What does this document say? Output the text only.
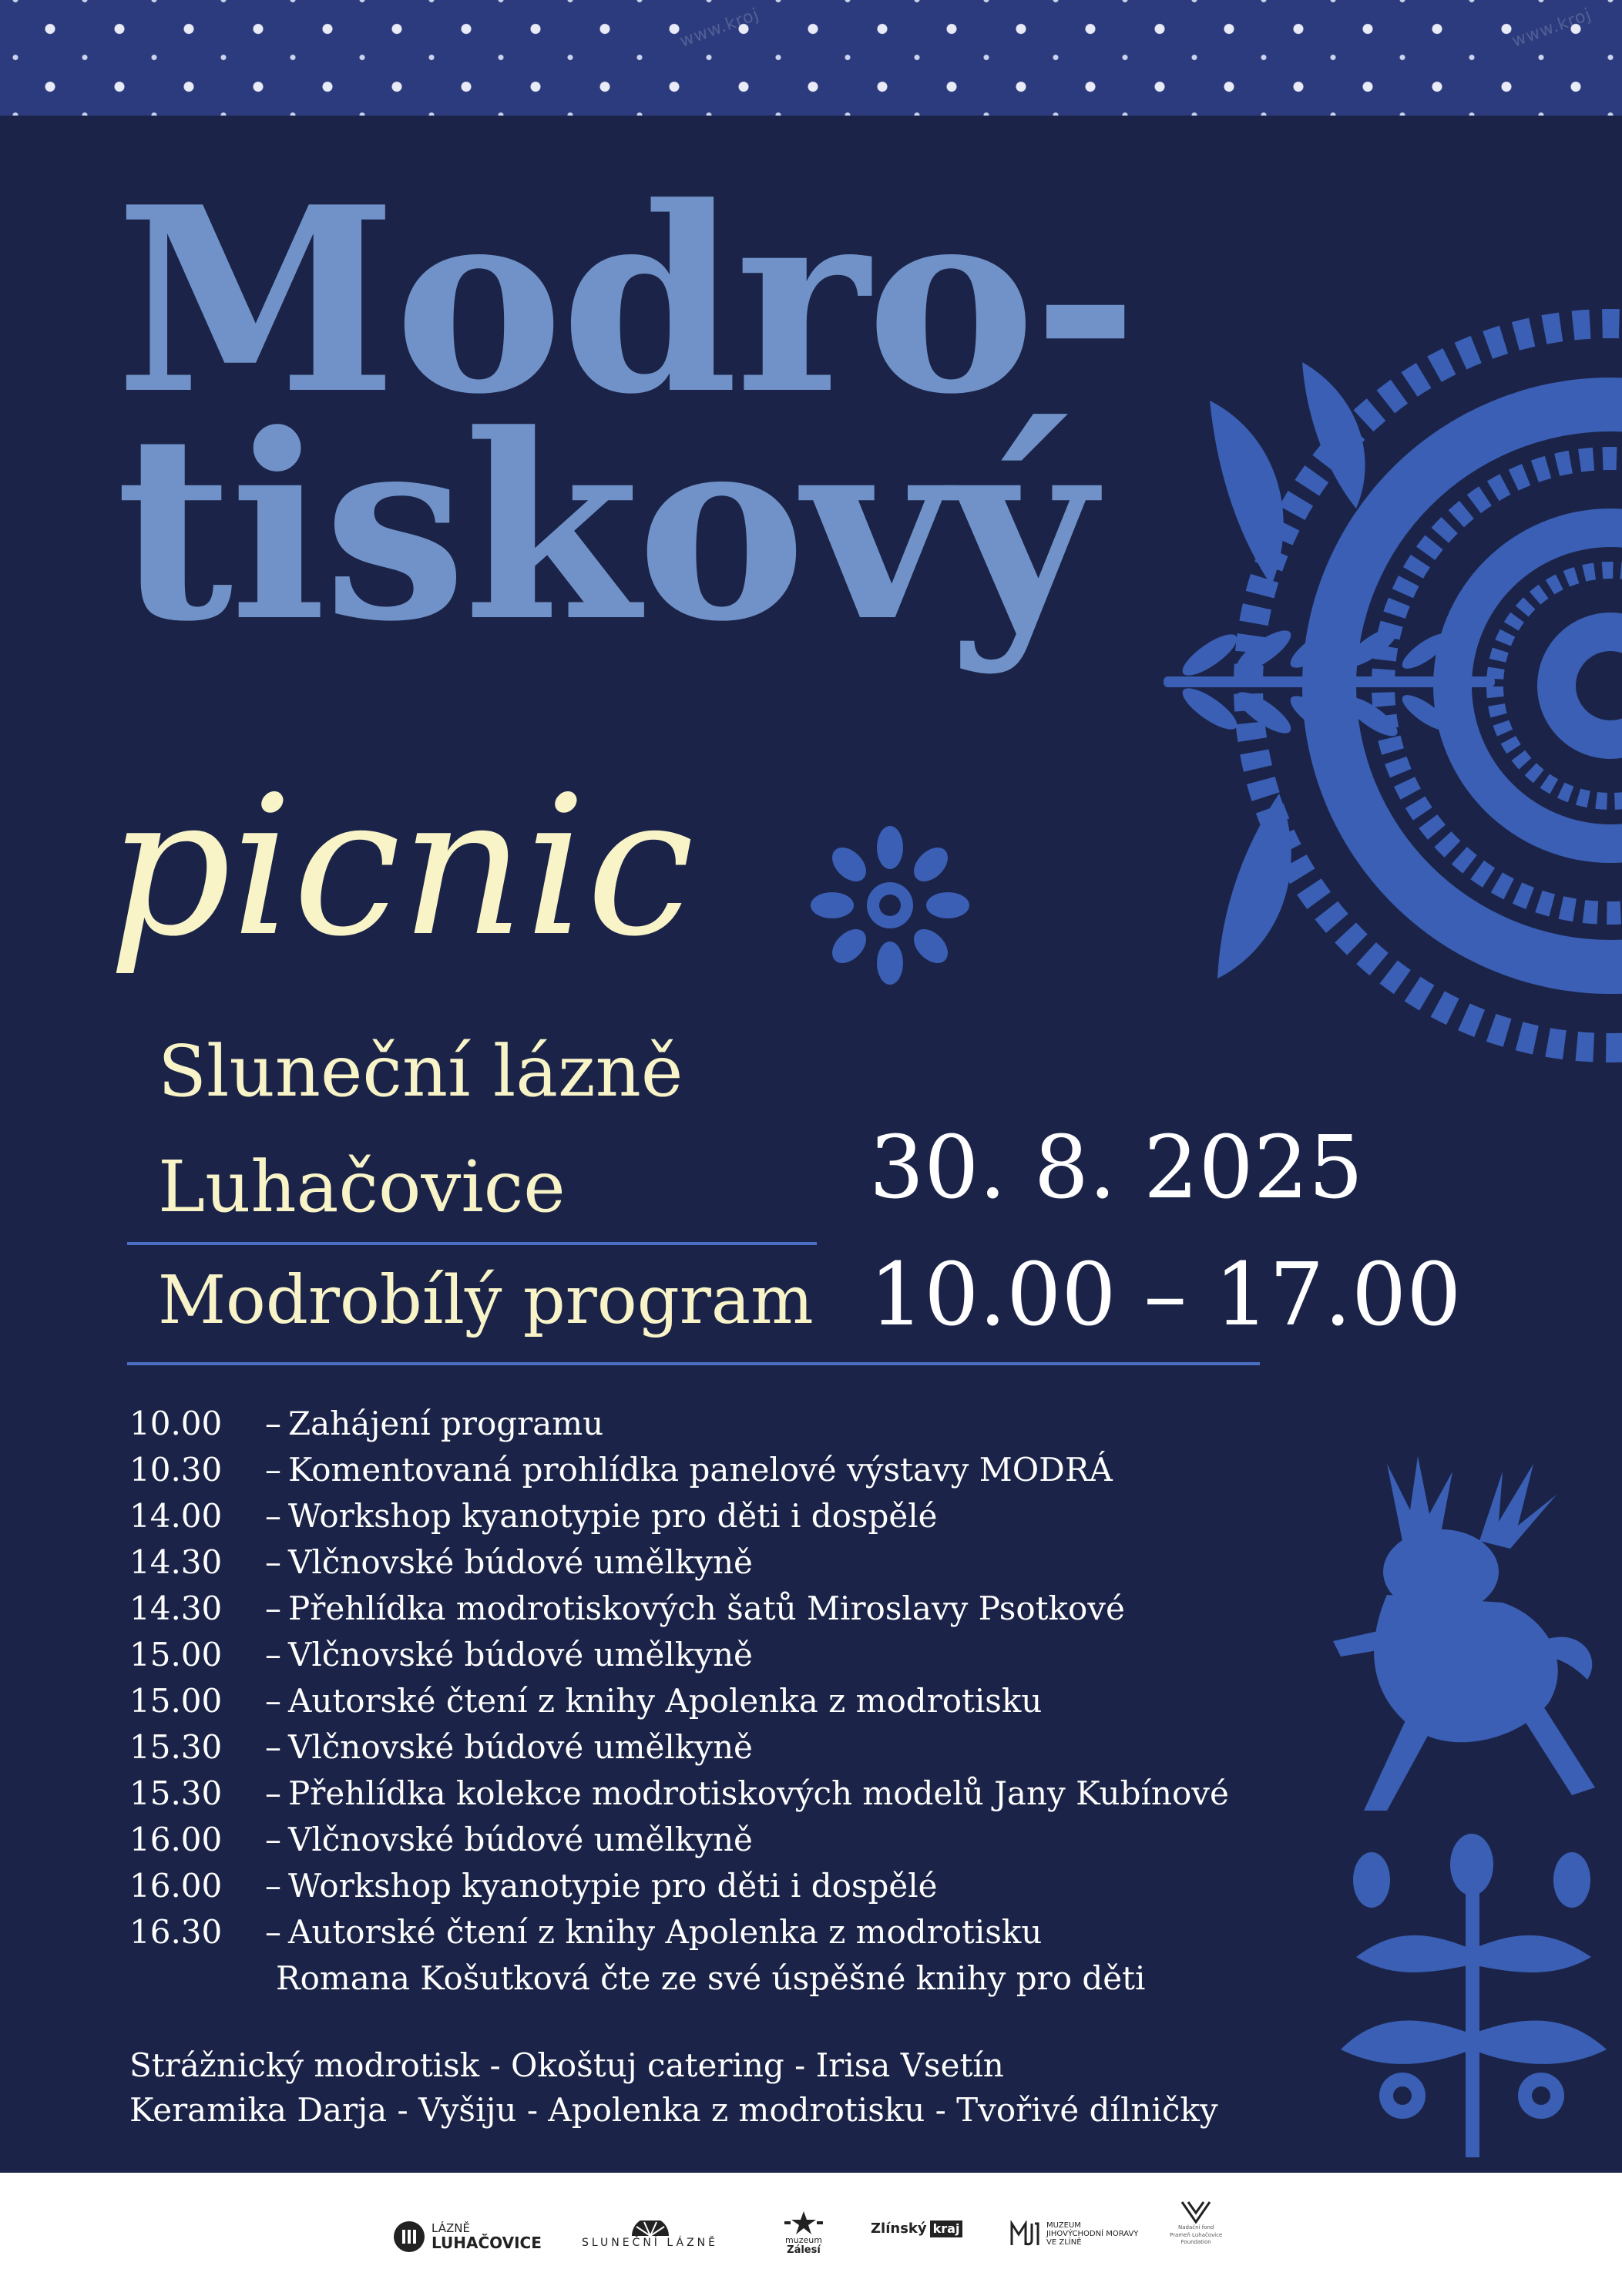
www.kroj	www.kroj
Modro-
tiskový
picnic
Sluneční lázně
Luhačovice
Modrobílý program
30. 8. 2025
10.00 – 17.00
10.00 – Zahájení programu
10.30 – Komentovaná prohlídka panelové výstavy MODRÁ
14.00 – Workshop kyanotypie pro děti i dospělé
14.30 – Vlčnovské búdové umělkyně
14.30 – Přehlídka modrotiskových šatů Miroslavy Psotkové
15.00 – Vlčnovské búdové umělkyně
15.00 – Autorské čtení z knihy Apolenka z modrotisku
15.30 – Vlčnovské búdové umělkyně
15.30 – Přehlídka kolekce modrotiskových modelů Jany Kubínové
16.00 – Vlčnovské búdové umělkyně
16.00 – Workshop kyanotypie pro děti i dospělé
16.30 – Autorské čtení z knihy Apolenka z modrotisku
Romana Košutková čte ze své úspěšné knihy pro děti
Strážnický modrotisk - Okoštuj catering - Irisa Vsetín
Keramika Darja - Vyšiju - Apolenka z modrotisku - Tvořivé dílničky
LÁZNĚ
LUHAČOVICE	SLUNEČNÍ LÁZNĚ	muzeum
Zálesí
Zlínský kraj	MUZEUM
JIHOVÝCHODNÍ MORAVY
VE ZLÍNĚ
Nadační fond
Prameň Luhačovice
Foundation
